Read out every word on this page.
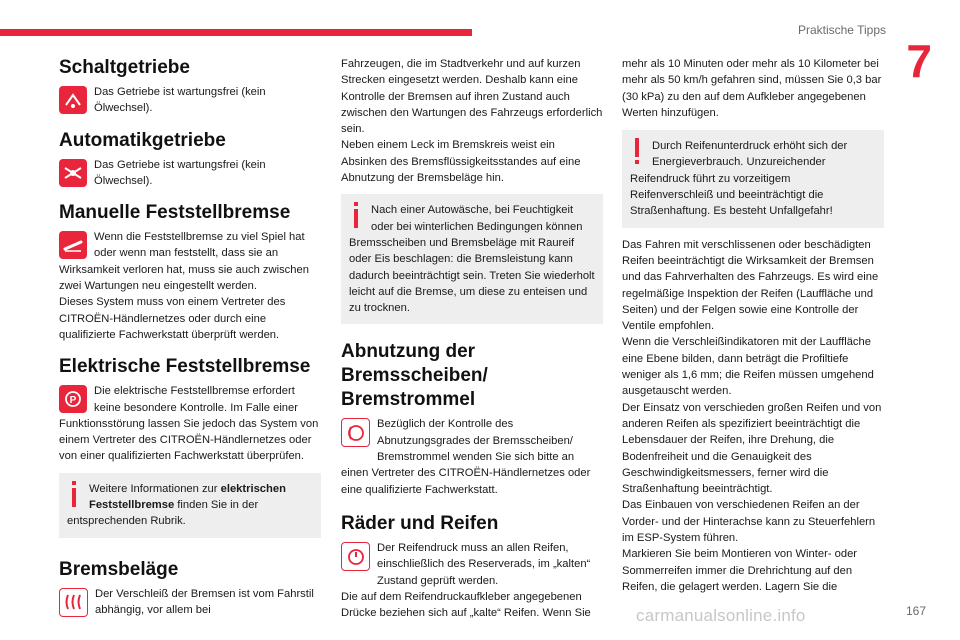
Praktische Tipps
7
Schaltgetriebe

Das Getriebe ist wartungsfrei (kein Ölwechsel).

Automatikgetriebe

Das Getriebe ist wartungsfrei (kein Ölwechsel).

Manuelle Feststellbremse

Wenn die Feststellbremse zu viel Spiel hat oder wenn man feststellt, dass sie an Wirksamkeit verloren hat, muss sie auch zwischen zwei Wartungen neu eingestellt werden.

Dieses System muss von einem Vertreter des CITROËN-Händlernetzes oder durch eine qualifizierte Fachwerkstatt überprüft werden.

Elektrische Feststellbremse
P

Die elektrische Feststellbremse erfordert keine besondere Kontrolle. Im Falle einer Funktionsstörung lassen Sie jedoch das System von einem Vertreter des CITROËN-Händlernetzes oder von einer qualifizierten Fachwerkstatt überprüfen.

Weitere Informationen zur elektrischen Feststellbremse finden Sie in der entsprechenden Rubrik.

Bremsbeläge

Der Verschleiß der Bremsen ist vom Fahrstil abhängig, vor allem bei

Fahrzeugen, die im Stadtverkehr und auf kurzen Strecken eingesetzt werden. Deshalb kann eine Kontrolle der Bremsen auf ihren Zustand auch zwischen den Wartungen des Fahrzeugs erforderlich sein.

Neben einem Leck im Bremskreis weist ein Absinken des Bremsflüssigkeitsstandes auf eine Abnutzung der Bremsbeläge hin.

Nach einer Autowäsche, bei Feuchtigkeit oder bei winterlichen Bedingungen können Bremsscheiben und Bremsbeläge mit Raureif oder Eis beschlagen: die Bremsleistung kann dadurch beeinträchtigt sein. Treten Sie wiederholt leicht auf die Bremse, um diese zu enteisen und zu trocknen.

Abnutzung der Bremsscheiben/ Bremstrommel

Bezüglich der Kontrolle des Abnutzungsgrades der Bremsscheiben/ Bremstrommel wenden Sie sich bitte an einen Vertreter des CITROËN-Händlernetzes oder eine qualifizierte Fachwerkstatt.

Räder und Reifen

Der Reifendruck muss an allen Reifen, einschließlich des Reserverads, im „kalten“ Zustand geprüft werden.

Die auf dem Reifendruckaufkleber angegebenen Drücke beziehen sich auf „kalte“ Reifen. Wenn Sie

mehr als 10 Minuten oder mehr als 10 Kilometer bei mehr als 50 km/h gefahren sind, müssen Sie 0,3 bar (30 kPa) zu den auf dem Aufkleber angegebenen Werten hinzufügen.

Durch Reifenunterdruck erhöht sich der Energieverbrauch. Unzureichender Reifendruck führt zu vorzeitigem Reifenverschleiß und beeinträchtigt die Straßenhaftung. Es besteht Unfallgefahr!

Das Fahren mit verschlissenen oder beschädigten Reifen beeinträchtigt die Wirksamkeit der Bremsen und das Fahrverhalten des Fahrzeugs. Es wird eine regelmäßige Inspektion der Reifen (Lauffläche und Seiten) und der Felgen sowie eine Kontrolle der Ventile empfohlen.

Wenn die Verschleißindikatoren mit der Lauffläche eine Ebene bilden, dann beträgt die Profiltiefe weniger als 1,6 mm; die Reifen müssen umgehend ausgetauscht werden.

Der Einsatz von verschieden großen Reifen und von anderen Reifen als spezifiziert beeinträchtigt die Lebensdauer der Reifen, ihre Drehung, die Bodenfreiheit und die Genauigkeit des Geschwindigkeitsmessers, ferner wird die Straßenhaftung beeinträchtigt.

Das Einbauen von verschiedenen Reifen an der Vorder- und der Hinterachse kann zu Steuerfehlern im ESP-System führen.

Markieren Sie beim Montieren von Winter- oder Sommerreifen immer die Drehrichtung auf den Reifen, die gelagert werden. Lagern Sie die

carmanualsonline.info	167
